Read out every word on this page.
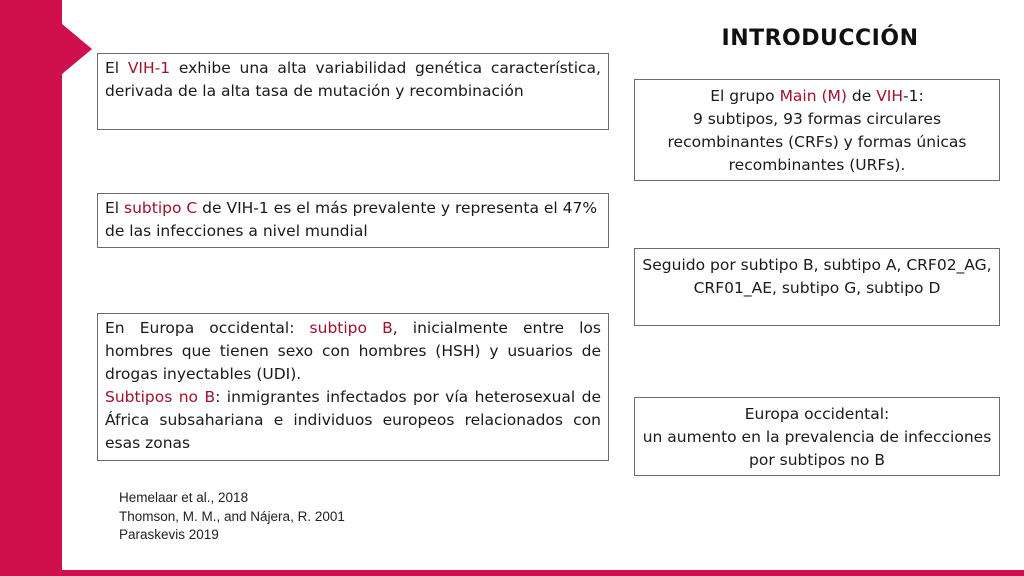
INTRODUCCIÓN
El VIH-1 exhibe una alta variabilidad genética característica, derivada de la alta tasa de mutación y recombinación
El subtipo C de VIH-1 es el más prevalente y representa el 47% de las infecciones a nivel mundial
En Europa occidental: subtipo B, inicialmente entre los hombres que tienen sexo con hombres (HSH) y usuarios de drogas inyectables (UDI).
Subtipos no B: inmigrantes infectados por vía heterosexual de África subsahariana e individuos europeos relacionados con esas zonas
El grupo Main (M) de VIH-1:
9 subtipos, 93 formas circulares recombinantes (CRFs) y formas únicas recombinantes (URFs).
Seguido por subtipo B, subtipo A, CRF02_AG, CRF01_AE, subtipo G, subtipo D
Europa occidental:
un aumento en la prevalencia de infecciones por subtipos no B
Hemelaar et al., 2018
Thomson, M. M., and Nájera, R. 2001
Paraskevis 2019
